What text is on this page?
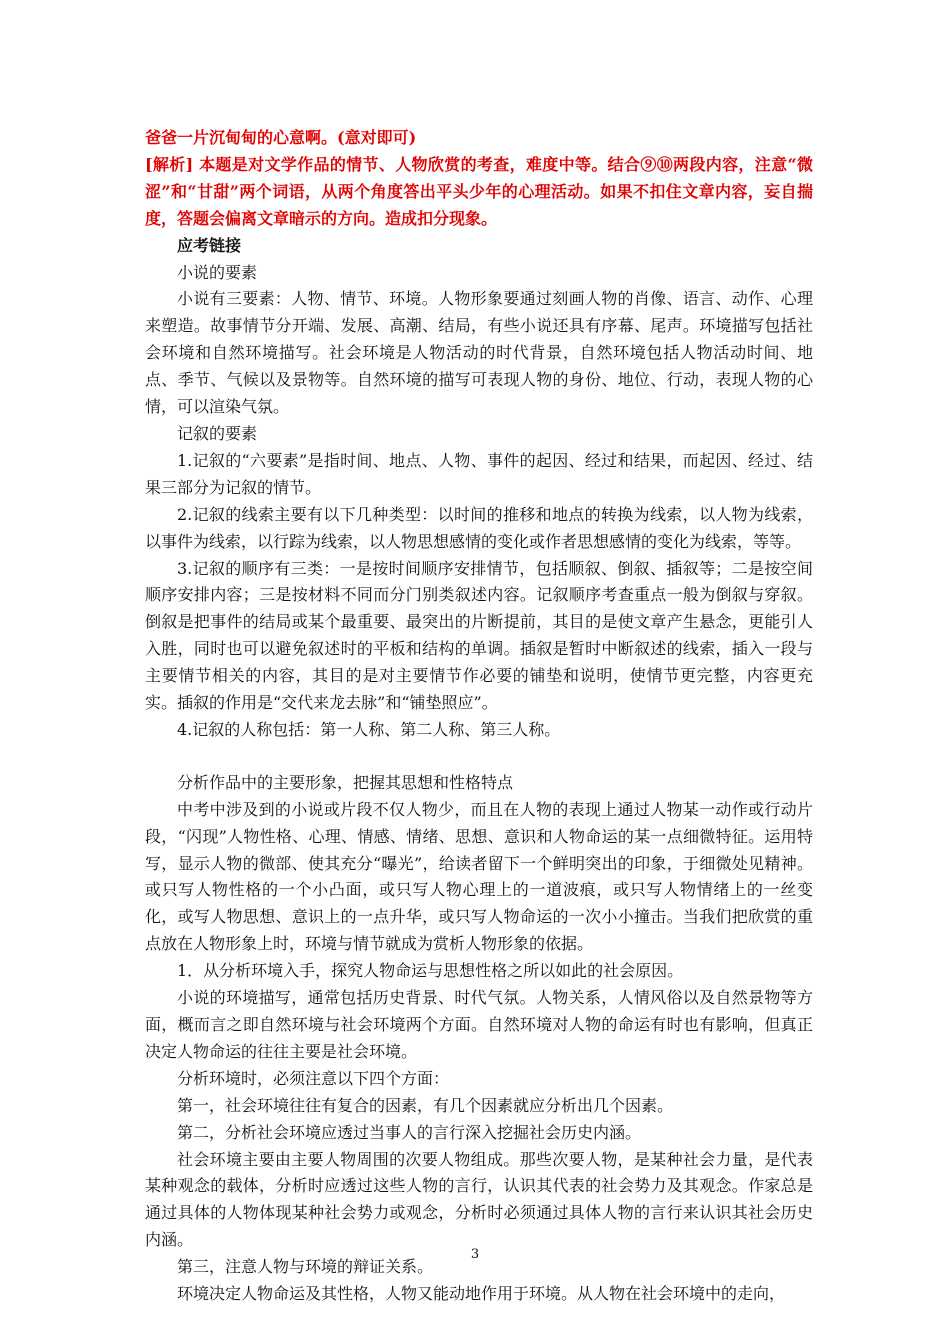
爸爸一片沉甸甸的心意啊。(意对即可)

[解析] 本题是对文学作品的情节、人物欣赏的考查，难度中等。结合⑨⑩两段内容，注意“微涩”和“甘甜”两个词语，从两个角度答出平头少年的心理活动。如果不扣住文章内容，妄自揣度，答题会偏离文章暗示的方向。造成扣分现象。

应考链接

小说的要素

小说有三要素：人物、情节、环境。人物形象要通过刻画人物的肖像、语言、动作、心理来塑造。故事情节分开端、发展、高潮、结局，有些小说还具有序幕、尾声。环境描写包括社会环境和自然环境描写。社会环境是人物活动的时代背景，自然环境包括人物活动时间、地点、季节、气候以及景物等。自然环境的描写可表现人物的身份、地位、行动，表现人物的心情，可以渲染气氛。

记叙的要素

1.记叙的“六要素”是指时间、地点、人物、事件的起因、经过和结果，而起因、经过、结果三部分为记叙的情节。

2.记叙的线索主要有以下几种类型：以时间的推移和地点的转换为线索，以人物为线索，以事件为线索，以行踪为线索，以人物思想感情的变化或作者思想感情的变化为线索，等等。

3.记叙的顺序有三类：一是按时间顺序安排情节，包括顺叙、倒叙、插叙等；二是按空间顺序安排内容；三是按材料不同而分门别类叙述内容。记叙顺序考查重点一般为倒叙与穿叙。倒叙是把事件的结局或某个最重要、最突出的片断提前，其目的是使文章产生悬念，更能引人入胜，同时也可以避免叙述时的平板和结构的单调。插叙是暂时中断叙述的线索，插入一段与主要情节相关的内容，其目的是对主要情节作必要的铺垫和说明，使情节更完整，内容更充实。插叙的作用是“交代来龙去脉”和“铺垫照应”。

4.记叙的人称包括：第一人称、第二人称、第三人称。

分析作品中的主要形象，把握其思想和性格特点

中考中涉及到的小说或片段不仅人物少，而且在人物的表现上通过人物某一动作或行动片段，“闪现”人物性格、心理、情感、情绪、思想、意识和人物命运的某一点细微特征。运用特写，显示人物的微部、使其充分“曝光”，给读者留下一个鲜明突出的印象，于细微处见精神。或只写人物性格的一个小凸面，或只写人物心理上的一道波痕，或只写人物情绪上的一丝变化，或写人物思想、意识上的一点升华，或只写人物命运的一次小小撞击。当我们把欣赏的重点放在人物形象上时，环境与情节就成为赏析人物形象的依据。

1．从分析环境入手，探究人物命运与思想性格之所以如此的社会原因。

小说的环境描写，通常包括历史背景、时代气氛。人物关系，人情风俗以及自然景物等方面，概而言之即自然环境与社会环境两个方面。自然环境对人物的命运有时也有影响，但真正决定人物命运的往往主要是社会环境。

分析环境时，必须注意以下四个方面：

第一，社会环境往往有复合的因素，有几个因素就应分析出几个因素。

第二，分析社会环境应透过当事人的言行深入挖掘社会历史内涵。

社会环境主要由主要人物周围的次要人物组成。那些次要人物，是某种社会力量，是代表某种观念的载体，分析时应透过这些人物的言行，认识其代表的社会势力及其观念。作家总是通过具体的人物体现某种社会势力或观念，分析时必须通过具体人物的言行来认识其社会历史内涵。

第三，注意人物与环境的辩证关系。

环境决定人物命运及其性格，人物又能动地作用于环境。从人物在社会环境中的走向，

3
